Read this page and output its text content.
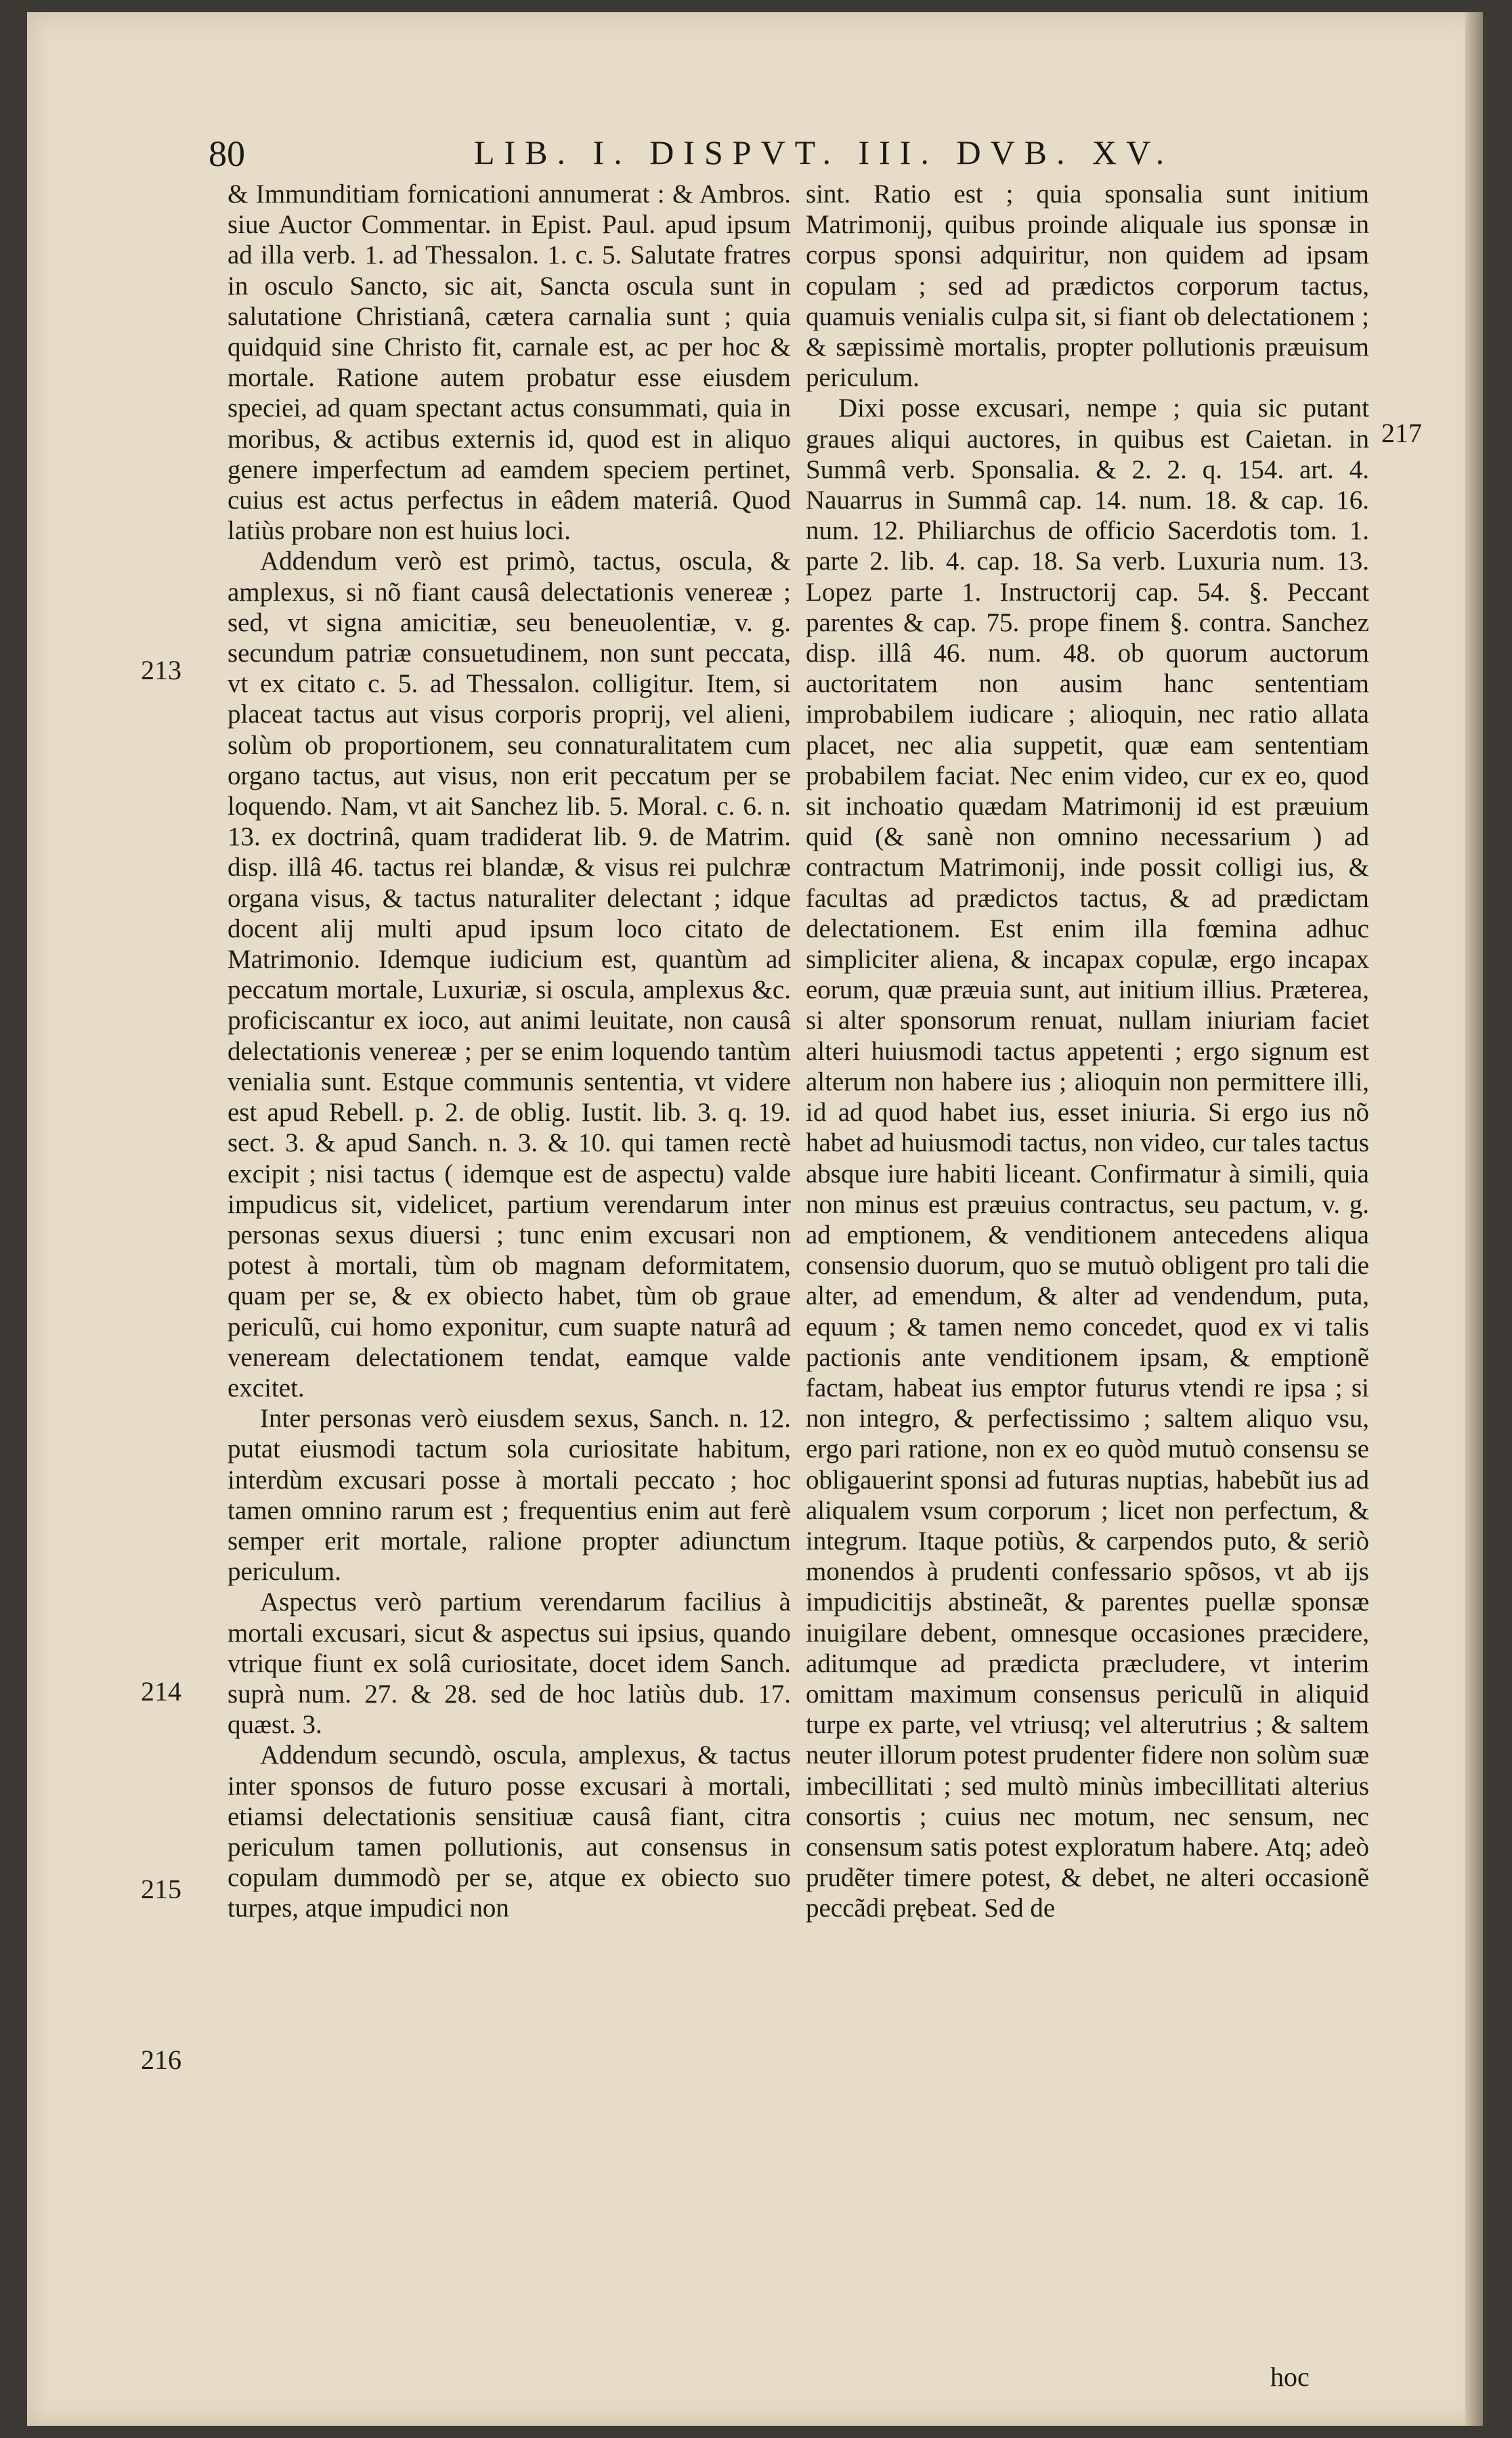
80	LIB. I. DISPVT. III. DVB. XV.
213
214
215
216
217

& Immunditiam fornicationi annumerat : & Ambros. siue Auctor Commentar. in Epist. Paul. apud ipsum ad illa verb. 1. ad Thessalon. 1. c. 5. Salutate fratres in osculo Sancto, sic ait, Sancta oscula sunt in salutatione Christianâ, cætera carnalia sunt ; quia quidquid sine Christo fit, carnale est, ac per hoc & mortale. Ratione autem probatur esse eiusdem speciei, ad quam spectant actus consummati, quia in moribus, & actibus externis id, quod est in aliquo genere imperfectum ad eamdem speciem pertinet, cuius est actus perfectus in eâdem materiâ. Quod latiùs probare non est huius loci.

Addendum verò est primò, tactus, oscula, & amplexus, si nõ fiant causâ delectationis venereæ ; sed, vt signa amicitiæ, seu beneuolentiæ, v. g. secundum patriæ consuetudinem, non sunt peccata, vt ex citato c. 5. ad Thessalon. colligitur. Item, si placeat tactus aut visus corporis proprij, vel alieni, solùm ob proportionem, seu connaturalitatem cum organo tactus, aut visus, non erit peccatum per se loquendo. Nam, vt ait Sanchez lib. 5. Moral. c. 6. n. 13. ex doctrinâ, quam tradiderat lib. 9. de Matrim. disp. illâ 46. tactus rei blandæ, & visus rei pulchræ organa visus, & tactus naturaliter delectant ; idque docent alij multi apud ipsum loco citato de Matrimonio. Idemque iudicium est, quantùm ad peccatum mortale, Luxuriæ, si oscula, amplexus &c. proficiscantur ex ioco, aut animi leuitate, non causâ delectationis venereæ ; per se enim loquendo tantùm venialia sunt. Estque communis sententia, vt videre est apud Rebell. p. 2. de oblig. Iustit. lib. 3. q. 19. sect. 3. & apud Sanch. n. 3. & 10. qui tamen rectè excipit ; nisi tactus ( idemque est de aspectu) valde impudicus sit, videlicet, partium verendarum inter personas sexus diuersi ; tunc enim excusari non potest à mortali, tùm ob magnam deformitatem, quam per se, & ex obiecto habet, tùm ob graue periculũ, cui homo exponitur, cum suapte naturâ ad veneream delectationem tendat, eamque valde excitet.

Inter personas verò eiusdem sexus, Sanch. n. 12. putat eiusmodi tactum sola curiositate habitum, interdùm excusari posse à mortali peccato ; hoc tamen omnino rarum est ; frequentius enim aut ferè semper erit mortale, ralione propter adiunctum periculum.

Aspectus verò partium verendarum facilius à mortali excusari, sicut & aspectus sui ipsius, quando vtrique fiunt ex solâ curiositate, docet idem Sanch. suprà num. 27. & 28. sed de hoc latiùs dub. 17. quæst. 3.

Addendum secundò, oscula, amplexus, & tactus inter sponsos de futuro posse excusari à mortali, etiamsi delectationis sensitiuæ causâ fiant, citra periculum tamen pollutionis, aut consensus in copulam dummodò per se, atque ex obiecto suo turpes, atque impudici non

sint. Ratio est ; quia sponsalia sunt initium Matrimonij, quibus proinde aliquale ius sponsæ in corpus sponsi adquiritur, non quidem ad ipsam copulam ; sed ad prædictos corporum tactus, quamuis venialis culpa sit, si fiant ob delectationem ; & sæpissimè mortalis, propter pollutionis præuisum periculum.

Dixi posse excusari, nempe ; quia sic putant graues aliqui auctores, in quibus est Caietan. in Summâ verb. Sponsalia. & 2. 2. q. 154. art. 4. Nauarrus in Summâ cap. 14. num. 18. & cap. 16. num. 12. Philiarchus de officio Sacerdotis tom. 1. parte 2. lib. 4. cap. 18. Sa verb. Luxuria num. 13. Lopez parte 1. Instructorij cap. 54. §. Peccant parentes & cap. 75. prope finem §. contra. Sanchez disp. illâ 46. num. 48. ob quorum auctorum auctoritatem non ausim hanc sententiam improbabilem iudicare ; alioquin, nec ratio allata placet, nec alia suppetit, quæ eam sententiam probabilem faciat. Nec enim video, cur ex eo, quod sit inchoatio quædam Matrimonij id est præuium quid (& sanè non omnino necessarium ) ad contractum Matrimonij, inde possit colligi ius, & facultas ad prædictos tactus, & ad prædictam delectationem. Est enim illa fœmina adhuc simpliciter aliena, & incapax copulæ, ergo incapax eorum, quæ præuia sunt, aut initium illius. Præterea, si alter sponsorum renuat, nullam iniuriam faciet alteri huiusmodi tactus appetenti ; ergo signum est alterum non habere ius ; alioquin non permittere illi, id ad quod habet ius, esset iniuria. Si ergo ius nõ habet ad huiusmodi tactus, non video, cur tales tactus absque iure habiti liceant. Confirmatur à simili, quia non minus est præuius contractus, seu pactum, v. g. ad emptionem, & venditionem antecedens aliqua consensio duorum, quo se mutuò obligent pro tali die alter, ad emendum, & alter ad vendendum, puta, equum ; & tamen nemo concedet, quod ex vi talis pactionis ante venditionem ipsam, & emptionẽ factam, habeat ius emptor futurus vtendi re ipsa ; si non integro, & perfectissimo ; saltem aliquo vsu, ergo pari ratione, non ex eo quòd mutuò consensu se obligauerint sponsi ad futuras nuptias, habebũt ius ad aliqualem vsum corporum ; licet non perfectum, & integrum. Itaque potiùs, & carpendos puto, & seriò monendos à prudenti confessario spõsos, vt ab ijs impudicitijs abstineãt, & parentes puellæ sponsæ inuigilare debent, omnesque occasiones præcidere, aditumque ad prædicta præcludere, vt interim omittam maximum consensus periculũ in aliquid turpe ex parte, vel vtriusq; vel alterutrius ; & saltem neuter illorum potest prudenter fidere non solùm suæ imbecillitati ; sed multò minùs imbecillitati alterius consortis ; cuius nec motum, nec sensum, nec consensum satis potest exploratum habere. Atq; adeò prudẽter timere potest, & debet, ne alteri occasionẽ peccãdi prębeat. Sed de

hoc
